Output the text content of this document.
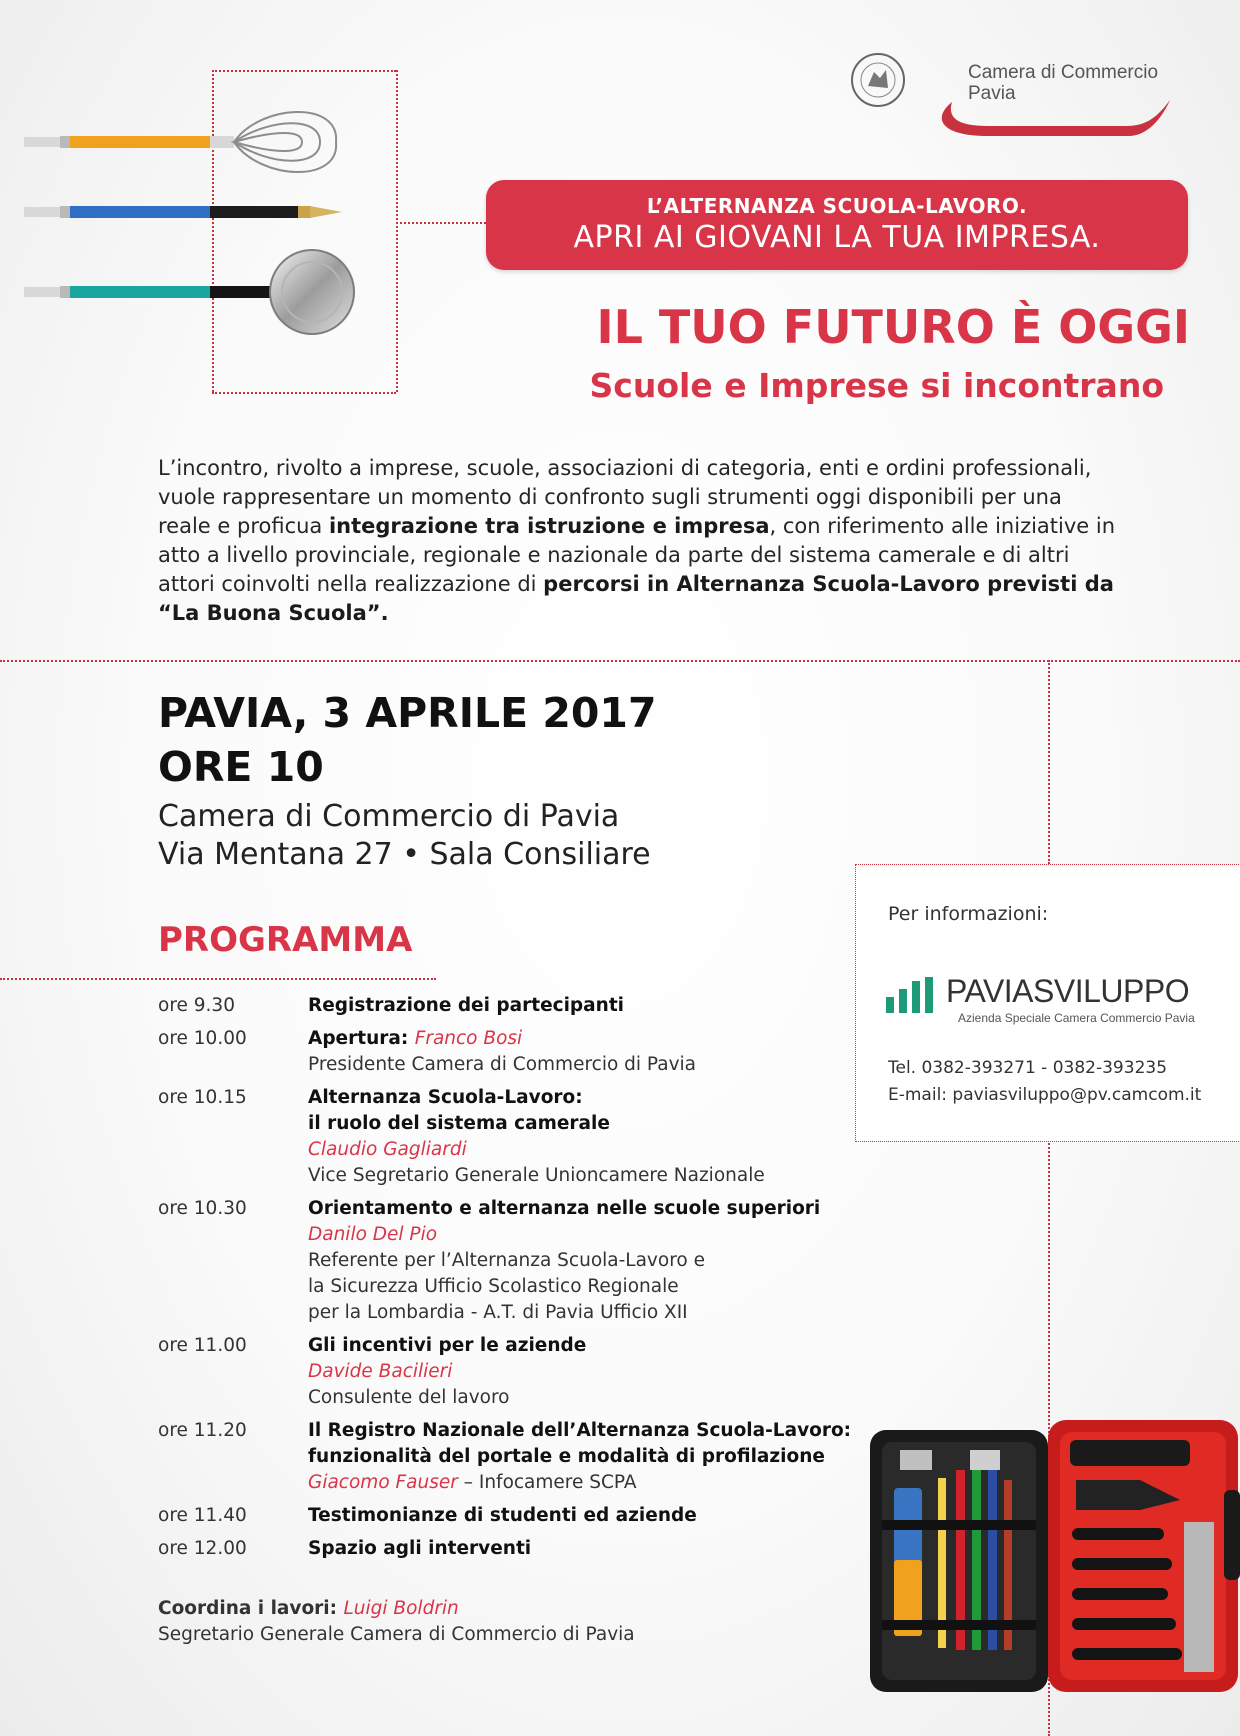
Camera di Commercio
Pavia
L’ALTERNANZA SCUOLA-LAVORO.
APRI AI GIOVANI LA TUA IMPRESA.
IL TUO FUTURO È OGGI
Scuole e Imprese si incontrano
L’incontro, rivolto a imprese, scuole, associazioni di categoria, enti e ordini professionali, vuole rappresentare un momento di confronto sugli strumenti oggi disponibili per una reale e proficua integrazione tra istruzione e impresa, con riferimento alle iniziative in atto a livello provinciale, regionale e nazionale da parte del sistema camerale e di altri attori coinvolti nella realizzazione di percorsi in Alternanza Scuola-Lavoro previsti da “La Buona Scuola”.
PAVIA, 3 APRILE 2017
ORE 10
Camera di Commercio di Pavia
Via Mentana 27 • Sala Consiliare
PROGRAMMA
ore 9.30	Registrazione dei partecipanti
ore 10.00	Apertura: Franco Bosi
Presidente Camera di Commercio di Pavia
ore 10.15	Alternanza Scuola-Lavoro:
il ruolo del sistema camerale
Claudio Gagliardi
Vice Segretario Generale Unioncamere Nazionale
ore 10.30	Orientamento e alternanza nelle scuole superiori
Danilo Del Pio
Referente per l’Alternanza Scuola-Lavoro e
la Sicurezza Ufficio Scolastico Regionale
per la Lombardia - A.T. di Pavia Ufficio XII
ore 11.00	Gli incentivi per le aziende
Davide Bacilieri
Consulente del lavoro
ore 11.20	Il Registro Nazionale dell’Alternanza Scuola-Lavoro:
funzionalità del portale e modalità di profilazione
Giacomo Fauser – Infocamere SCPA
ore 11.40	Testimonianze di studenti ed aziende
ore 12.00	Spazio agli interventi
Coordina i lavori: Luigi Boldrin
Segretario Generale Camera di Commercio di Pavia
Per informazioni:
PAVIASVILUPPO
Azienda Speciale Camera Commercio Pavia
Tel. 0382-393271 - 0382-393235
E-mail: paviasviluppo@pv.camcom.it
